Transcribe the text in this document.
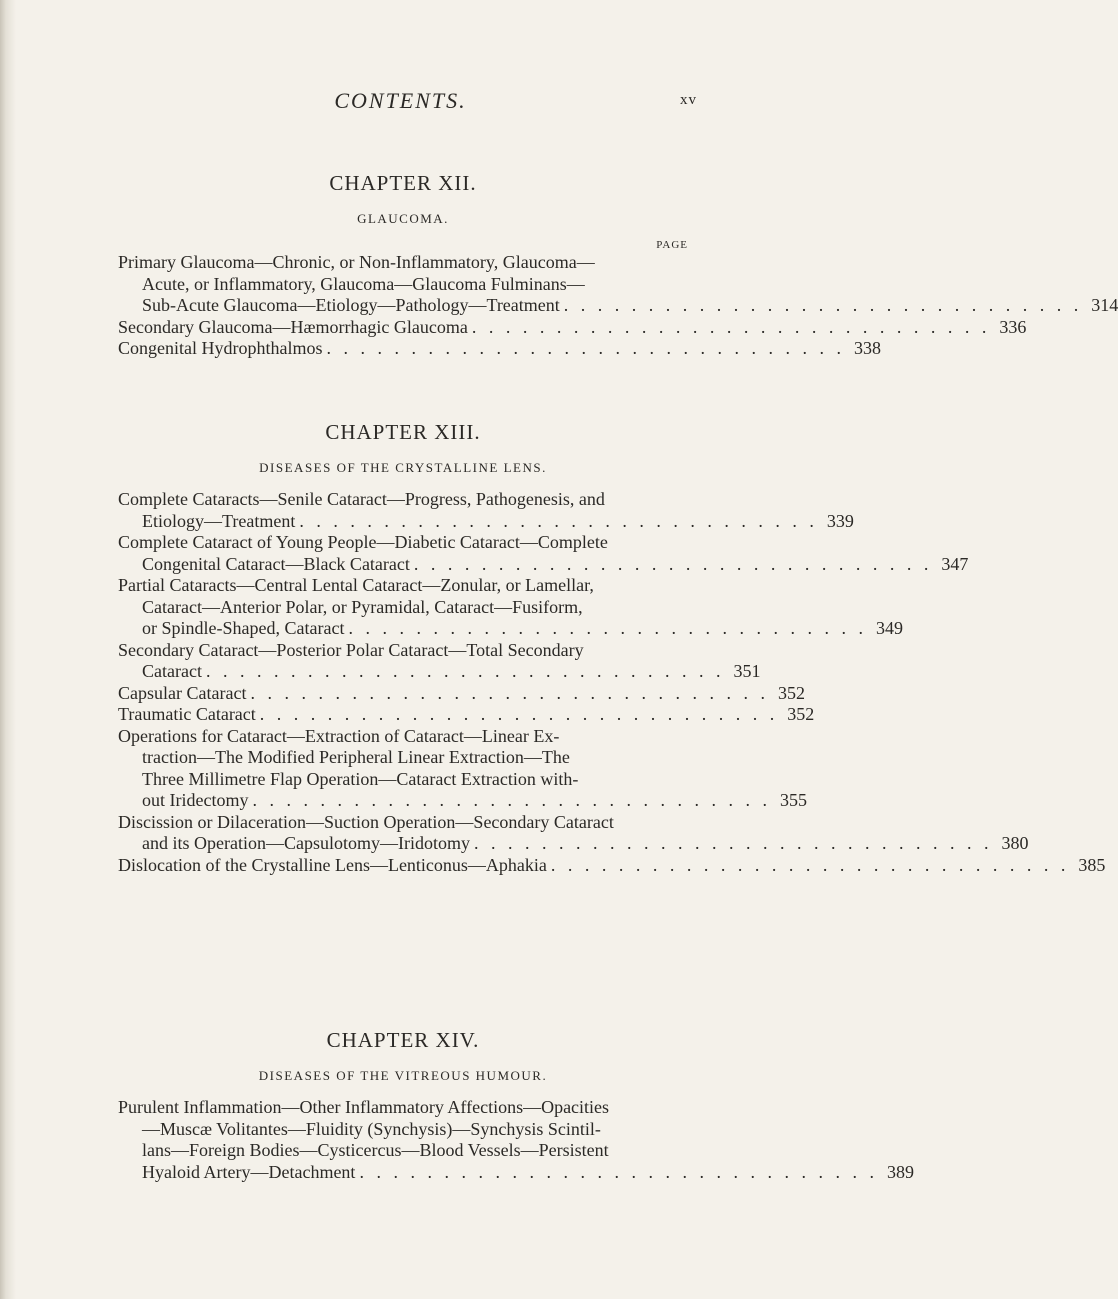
CONTENTS.	xv
CHAPTER XII.
GLAUCOMA.
PAGE
Primary Glaucoma—Chronic, or Non-Inflammatory, Glaucoma—
Acute, or Inflammatory, Glaucoma—Glaucoma Fulminans—
Sub-Acute Glaucoma—Etiology—Pathology—Treatment . . . . . . . . . . . . . . . . . . . . . . . . . . . . . . . 314
Secondary Glaucoma—Hæmorrhagic Glaucoma . . . . . . . . . . . . . . . . . . . . . . . . . . . . . . . 336
Congenital Hydrophthalmos . . . . . . . . . . . . . . . . . . . . . . . . . . . . . . . 338
CHAPTER XIII.
DISEASES OF THE CRYSTALLINE LENS.
Complete Cataracts—Senile Cataract—Progress, Pathogenesis, and
Etiology—Treatment . . . . . . . . . . . . . . . . . . . . . . . . . . . . . . . 339
Complete Cataract of Young People—Diabetic Cataract—Complete
Congenital Cataract—Black Cataract . . . . . . . . . . . . . . . . . . . . . . . . . . . . . . . 347
Partial Cataracts—Central Lental Cataract—Zonular, or Lamellar,
Cataract—Anterior Polar, or Pyramidal, Cataract—Fusiform,
or Spindle-Shaped, Cataract . . . . . . . . . . . . . . . . . . . . . . . . . . . . . . . 349
Secondary Cataract—Posterior Polar Cataract—Total Secondary
Cataract . . . . . . . . . . . . . . . . . . . . . . . . . . . . . . . 351
Capsular Cataract . . . . . . . . . . . . . . . . . . . . . . . . . . . . . . . 352
Traumatic Cataract . . . . . . . . . . . . . . . . . . . . . . . . . . . . . . . 352
Operations for Cataract—Extraction of Cataract—Linear Ex-
traction—The Modified Peripheral Linear Extraction—The
Three Millimetre Flap Operation—Cataract Extraction with-
out Iridectomy . . . . . . . . . . . . . . . . . . . . . . . . . . . . . . . 355
Discission or Dilaceration—Suction Operation—Secondary Cataract
and its Operation—Capsulotomy—Iridotomy . . . . . . . . . . . . . . . . . . . . . . . . . . . . . . . 380
Dislocation of the Crystalline Lens—Lenticonus—Aphakia . . . . . . . . . . . . . . . . . . . . . . . . . . . . . . . 385
CHAPTER XIV.
DISEASES OF THE VITREOUS HUMOUR.
Purulent Inflammation—Other Inflammatory Affections—Opacities
—Muscæ Volitantes—Fluidity (Synchysis)—Synchysis Scintil-
lans—Foreign Bodies—Cysticercus—Blood Vessels—Persistent
Hyaloid Artery—Detachment . . . . . . . . . . . . . . . . . . . . . . . . . . . . . . . 389
